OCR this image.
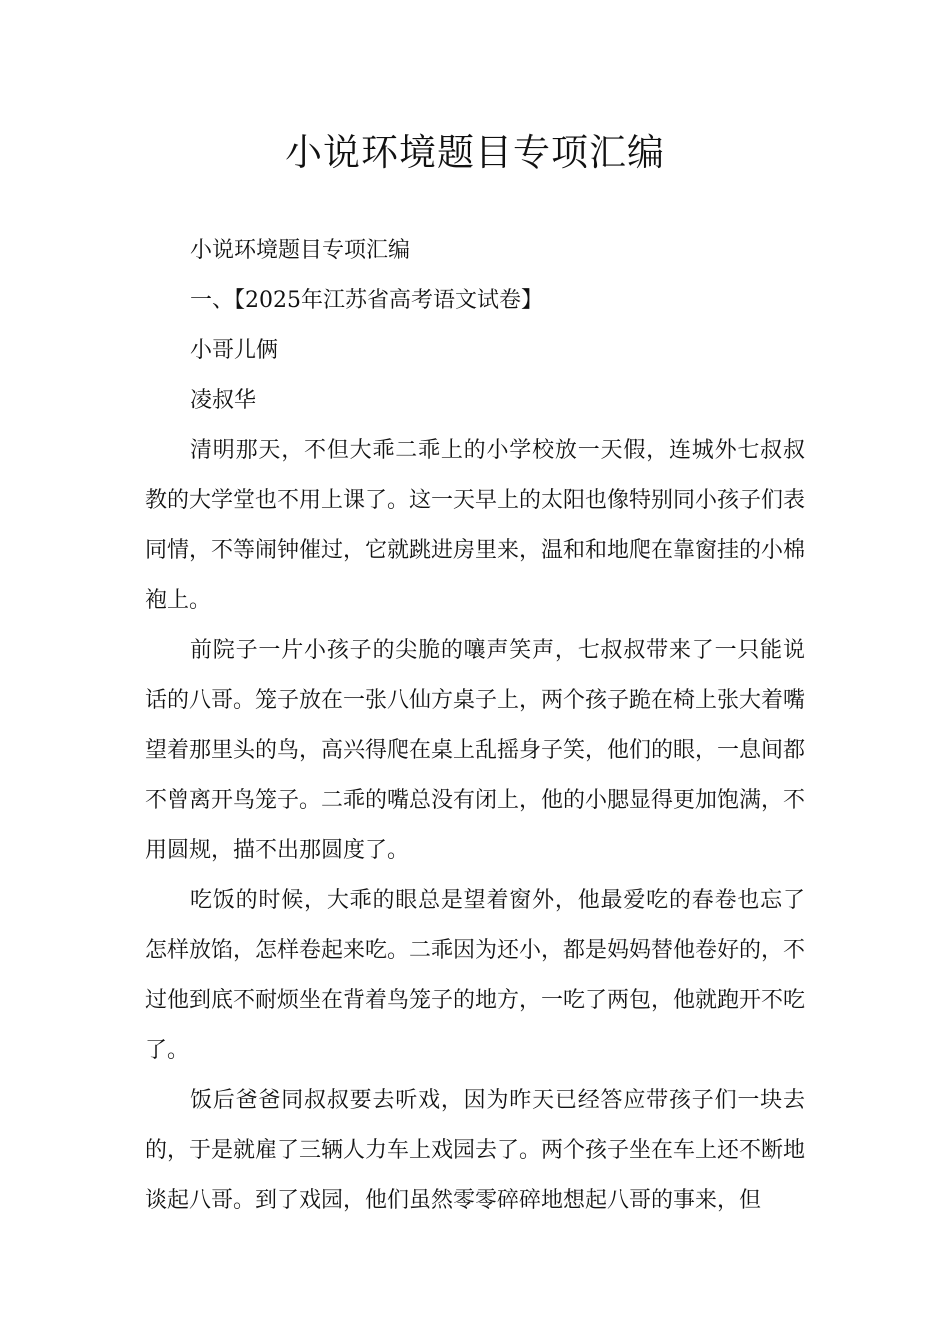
小说环境题目专项汇编

小说环境题目专项汇编

一、【2025年江苏省高考语文试卷】

小哥儿俩

凌叔华

清明那天，不但大乖二乖上的小学校放一天假，连城外七叔叔教的大学堂也不用上课了。这一天早上的太阳也像特别同小孩子们表同情，不等闹钟催过，它就跳进房里来，温和和地爬在靠窗挂的小棉袍上。

前院子一片小孩子的尖脆的嚷声笑声，七叔叔带来了一只能说话的八哥。笼子放在一张八仙方桌子上，两个孩子跪在椅上张大着嘴望着那里头的鸟，高兴得爬在桌上乱摇身子笑，他们的眼，一息间都不曾离开鸟笼子。二乖的嘴总没有闭上，他的小腮显得更加饱满，不用圆规，描不出那圆度了。

吃饭的时候，大乖的眼总是望着窗外，他最爱吃的春卷也忘了怎样放馅，怎样卷起来吃。二乖因为还小，都是妈妈替他卷好的，不过他到底不耐烦坐在背着鸟笼子的地方，一吃了两包，他就跑开不吃了。

饭后爸爸同叔叔要去听戏，因为昨天已经答应带孩子们一块去的，于是就雇了三辆人力车上戏园去了。两个孩子坐在车上还不断地谈起八哥。到了戏园，他们虽然零零碎碎地想起八哥的事来，但
